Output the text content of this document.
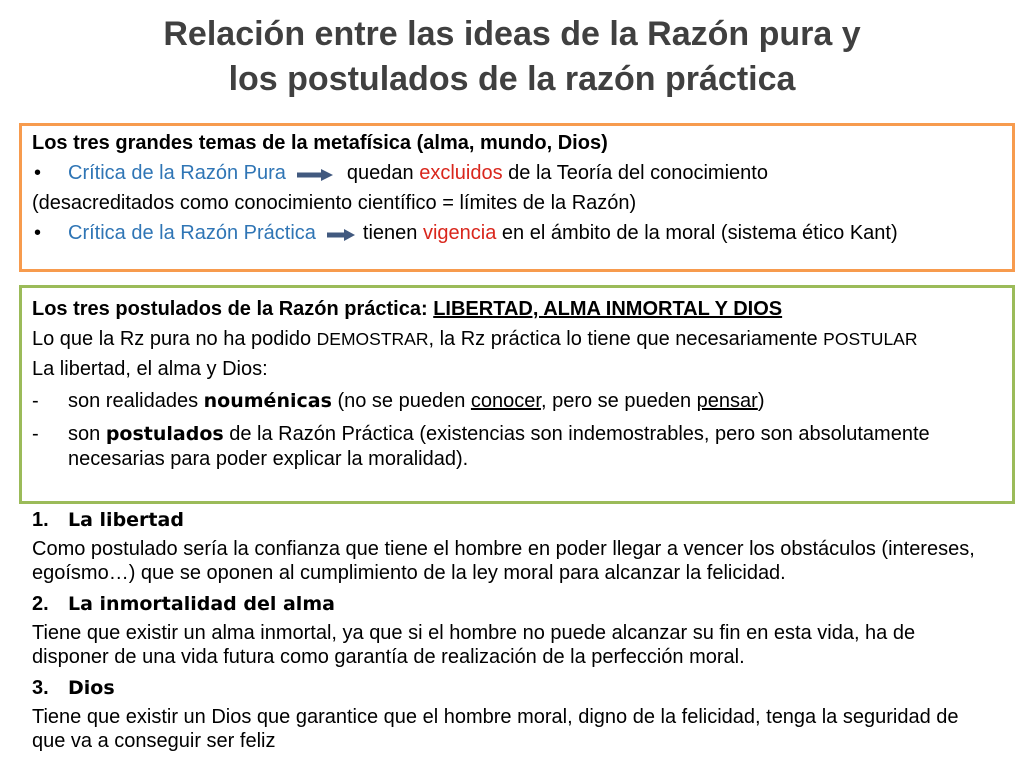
Relación entre las ideas de la Razón pura y
los postulados de la razón práctica
Los tres grandes temas de la metafísica (alma, mundo, Dios)
• Crítica de la Razón Pura	quedan excluidos de la Teoría del conocimiento
(desacreditados como conocimiento científico = límites de la Razón)
• Crítica de la Razón Práctica tienen vigencia en el ámbito de la moral (sistema ético Kant)
Los tres postulados de la Razón práctica: LIBERTAD, ALMA INMORTAL Y DIOS
Lo que la Rz pura no ha podido DEMOSTRAR, la Rz práctica lo tiene que necesariamente POSTULAR
La libertad, el alma y Dios:
- son realidades nouménicas (no se pueden conocer, pero se pueden pensar)
- son postulados de la Razón Práctica (existencias son indemostrables, pero son absolutamente necesarias para poder explicar la moralidad).
1. La libertad
Como postulado sería la confianza que tiene el hombre en poder llegar a vencer los obstáculos (intereses,
egoísmo…) que se oponen al cumplimiento de la ley moral para alcanzar la felicidad.
2. La inmortalidad del alma
Tiene que existir un alma inmortal, ya que si el hombre no puede alcanzar su fin en esta vida, ha de
disponer de una vida futura como garantía de realización de la perfección moral.
3. Dios
Tiene que existir un Dios que garantice que el hombre moral, digno de la felicidad, tenga la seguridad de
que va a conseguir ser feliz
